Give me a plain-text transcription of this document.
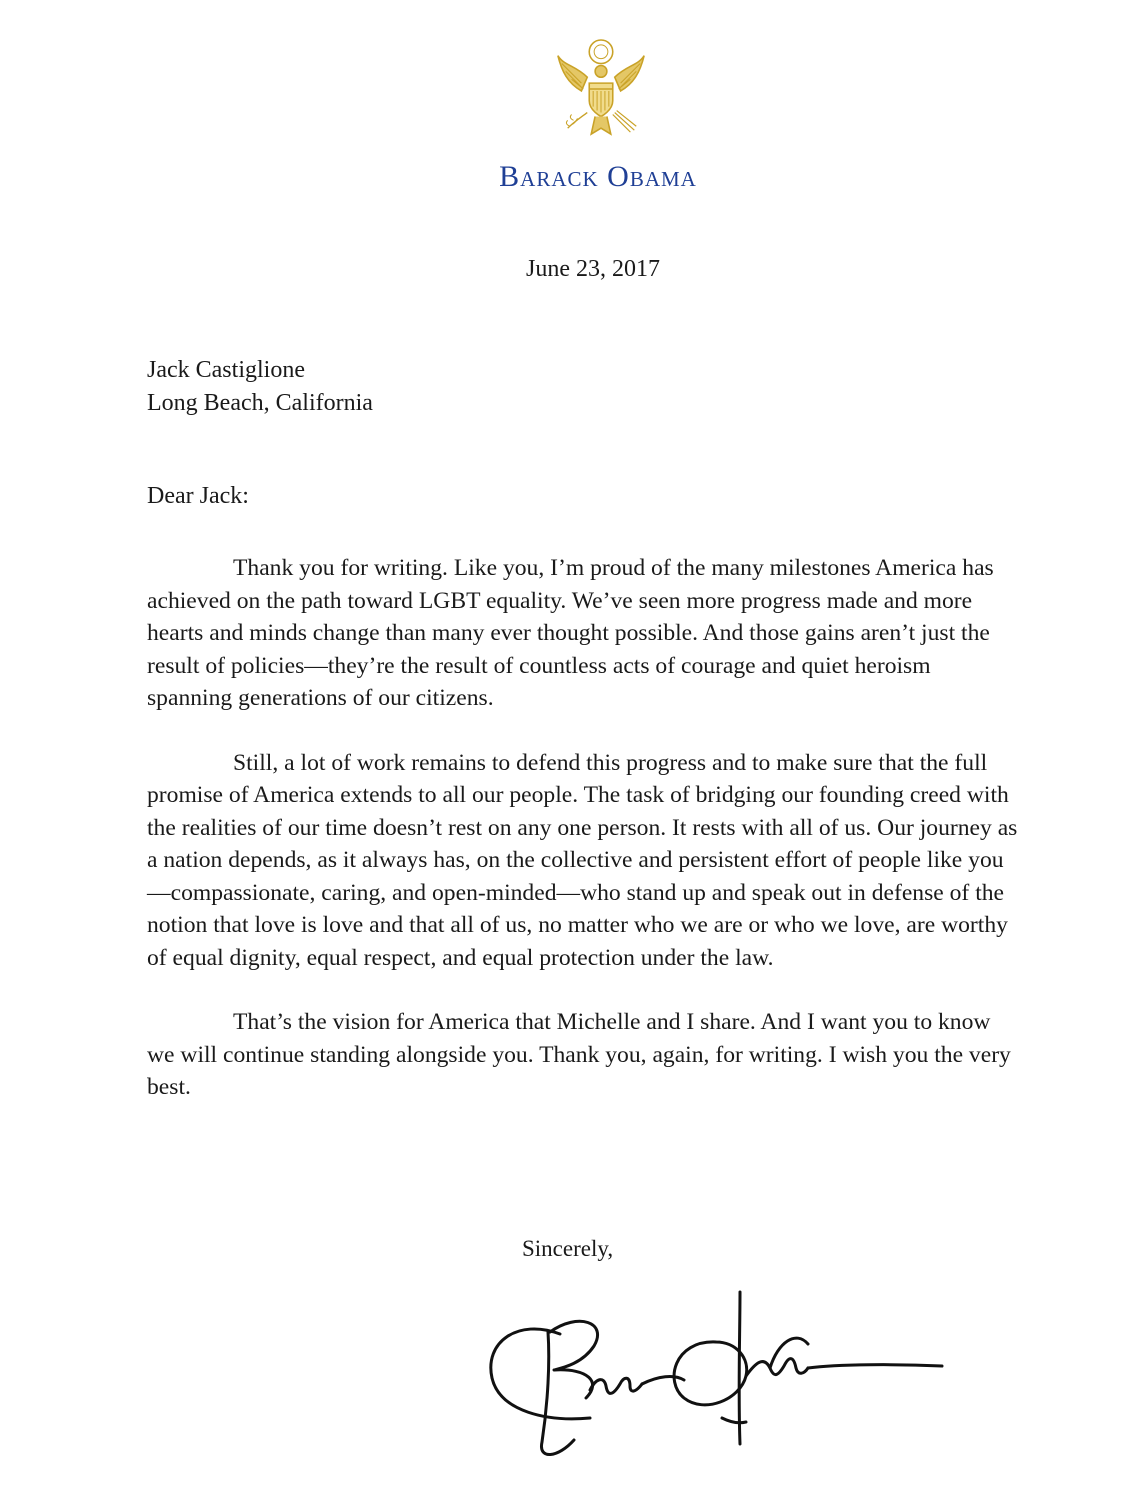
Barack Obama
June 23, 2017
Jack Castiglione
Long Beach, California
Dear Jack:

Thank you for writing. Like you, I’m proud of the many milestones America has achieved on the path toward LGBT equality. We’ve seen more progress made and more hearts and minds change than many ever thought possible. And those gains aren’t just the result of policies—they’re the result of countless acts of courage and quiet heroism spanning generations of our citizens.

Still, a lot of work remains to defend this progress and to make sure that the full promise of America extends to all our people. The task of bridging our founding creed with the realities of our time doesn’t rest on any one person. It rests with all of us. Our journey as a nation depends, as it always has, on the collective and persistent effort of people like you—compassionate, caring, and open-minded—who stand up and speak out in defense of the notion that love is love and that all of us, no matter who we are or who we love, are worthy of equal dignity, equal respect, and equal protection under the law.

That’s the vision for America that Michelle and I share. And I want you to know we will continue standing alongside you. Thank you, again, for writing. I wish you the very best.

Sincerely,
